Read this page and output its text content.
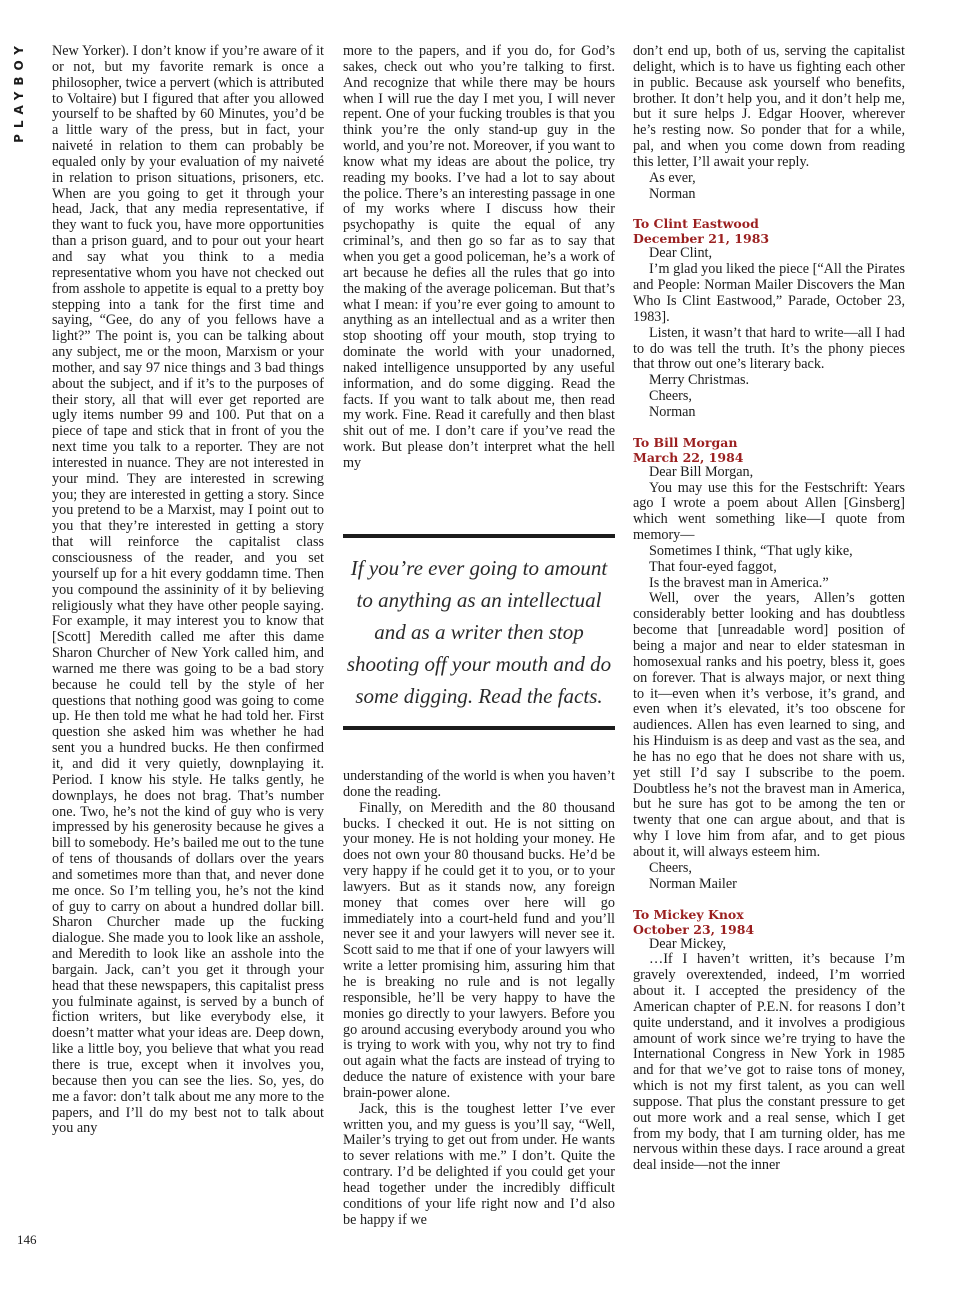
PLAYBOY New Yorker). I don’t know if you’re aware of it or not, but my favorite remark is once a philosopher, twice a pervert (which is attributed to Voltaire) but I figured that after you allowed yourself to be shafted by 60 Minutes, you’d be a little wary of the press, but in fact, your naiveté in relation to them can probably be equaled only by your evaluation of my naiveté in relation to prison situations, prisoners, etc. When are you going to get it through your head, Jack, that any media representative, if they want to fuck you, have more opportunities than a prison guard, and to pour out your heart and say what you think to a media representative whom you have not checked out from asshole to appetite is equal to a pretty boy stepping into a tank for the first time and saying, “Gee, do any of you fellows have a light?” The point is, you can be talking about any subject, me or the moon, Marxism or your mother, and say 97 nice things and 3 bad things about the subject, and if it’s to the purposes of their story, all that will ever get reported are ugly items number 99 and 100. Put that on a piece of tape and stick that in front of you the next time you talk to a reporter. They are not interested in nuance. They are not interested in your mind. They are interested in screwing you; they are interested in getting a story. Since you pretend to be a Marxist, may I point out to you that they’re interested in getting a story that will reinforce the capitalist class consciousness of the reader, and you set yourself up for a hit every goddamn time. Then you compound the assininity of it by believing religiously what they have other people saying. For example, it may interest you to know that [Scott] Meredith called me after this dame Sharon Churcher of New York called him, and warned me there was going to be a bad story because he could tell by the style of her questions that nothing good was going to come up. He then told me what he had told her. First question she asked him was whether he had sent you a hundred bucks. He then confirmed it, and did it very quietly, downplaying it. Period. I know his style. He talks gently, he downplays, he does not brag. That’s number one. Two, he’s not the kind of guy who is very impressed by his generosity because he gives a bill to somebody. He’s bailed me out to the tune of tens of thousands of dollars over the years and sometimes more than that, and never done me once. So I’m telling you, he’s not the kind of guy to carry on about a hundred dollar bill. Sharon Churcher made up the fucking dialogue. She made you to look like an asshole, and Meredith to look like an asshole into the bargain. Jack, can’t you get it through your head that these newspapers, this capitalist press you fulminate against, is served by a bunch of fiction writers, but like everybody else, it doesn’t matter what your ideas are. Deep down, like a little boy, you believe that what you read there is true, except when it involves you, because then you can see the lies. So, yes, do me a favor: don’t talk about me any more to the papers, and I’ll do my best not to talk about you any

more to the papers, and if you do, for God’s sakes, check out who you’re talking to first. And recognize that while there may be hours when I will rue the day I met you, I will never repent. One of your fucking troubles is that you think you’re the only stand-up guy in the world, and you’re not. Moreover, if you want to know what my ideas are about the police, try reading my books. I’ve had a lot to say about the police. There’s an interesting passage in one of my works where I discuss how their psychopathy is quite the equal of any criminal’s, and then go so far as to say that when you get a good policeman, he’s a work of art because he defies all the rules that go into the making of the average policeman. But that’s what I mean: if you’re ever going to amount to anything as an intellectual and as a writer then stop shooting off your mouth, stop trying to dominate the world with your unadorned, naked intelligence unsupported by any useful information, and do some digging. Read the facts. If you want to talk about me, then read my work. Fine. Read it carefully and then blast shit out of me. I don’t care if you’ve read the work. But please don’t interpret what the hell my

If you’re ever going to amount to anything as an intellectual and as a writer then stop shooting off your mouth and do some digging. Read the facts.

understanding of the world is when you haven’t done the reading.

Finally, on Meredith and the 80 thousand bucks. I checked it out. He is not sitting on your money. He is not holding your money. He does not own your 80 thousand bucks. He’d be very happy if he could get it to you, or to your lawyers. But as it stands now, any foreign money that comes over here will go immediately into a court-held fund and you’ll never see it and your lawyers will never see it. Scott said to me that if one of your lawyers will write a letter promising him, assuring him that he is breaking no rule and is not legally responsible, he’ll be very happy to have the monies go directly to your lawyers. Before you go around accusing everybody around you who is trying to work with you, why not try to find out again what the facts are instead of trying to deduce the nature of existence with your bare brain-power alone.

Jack, this is the toughest letter I’ve ever written you, and my guess is you’ll say, “Well, Mailer’s trying to get out from under. He wants to sever relations with me.” I don’t. Quite the contrary. I’d be delighted if you could get your head together under the incredibly difficult conditions of your life right now and I’d also be happy if we

don’t end up, both of us, serving the capitalist delight, which is to have us fighting each other in public. Because ask yourself who benefits, brother. It don’t help you, and it don’t help me, but it sure helps J. Edgar Hoover, wherever he’s resting now. So ponder that for a while, pal, and when you come down from reading this letter, I’ll await your reply.

As ever,

Norman

To Clint Eastwood
December 21, 1983

Dear Clint,

I’m glad you liked the piece [“All the Pirates and People: Norman Mailer Discovers the Man Who Is Clint Eastwood,” Parade, October 23, 1983].

Listen, it wasn’t that hard to write—all I had to do was tell the truth. It’s the phony pieces that throw out one’s literary back.

Merry Christmas.

Cheers,

Norman

To Bill Morgan
March 22, 1984

Dear Bill Morgan,

You may use this for the Festschrift: Years ago I wrote a poem about Allen [Ginsberg] which went something like—I quote from memory—

Sometimes I think, “That ugly kike,

That four-eyed faggot,

Is the bravest man in America.”

Well, over the years, Allen’s gotten considerably better looking and has doubtless become that [unreadable word] position of being a major and near to elder statesman in homosexual ranks and his poetry, bless it, goes on forever. That is always major, or next thing to it—even when it’s verbose, it’s grand, and even when it’s elevated, it’s too obscene for audiences. Allen has even learned to sing, and his Hinduism is as deep and vast as the sea, and he has no ego that he does not share with us, yet still I’d say I subscribe to the poem. Doubtless he’s not the bravest man in America, but he sure has got to be among the ten or twenty that one can argue about, and that is why I love him from afar, and to get pious about it, will always esteem him.

Cheers,

Norman Mailer

To Mickey Knox
October 23, 1984

Dear Mickey,

…If I haven’t written, it’s because I’m gravely overextended, indeed, I’m worried about it. I accepted the presidency of the American chapter of P.E.N. for reasons I don’t quite understand, and it involves a prodigious amount of work since we’re trying to have the International Congress in New York in 1985 and for that we’ve got to raise tons of money, which is not my first talent, as you can well suppose. That plus the constant pressure to get out more work and a real sense, which I get from my body, that I am turning older, has me nervous within these days. I race around a great deal inside—not the inner

146
